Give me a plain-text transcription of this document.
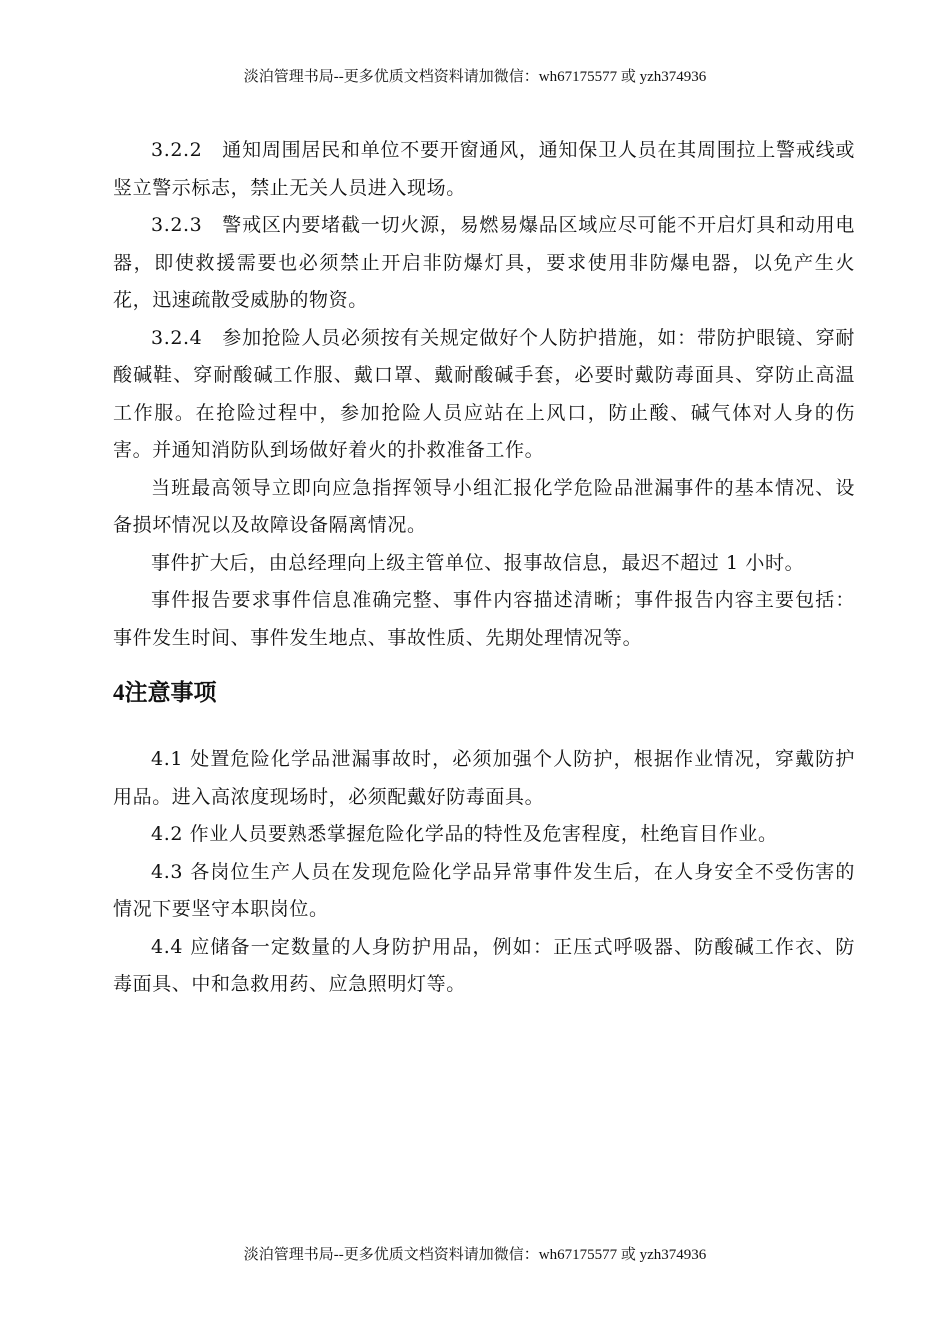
淡泊管理书局--更多优质文档资料请加微信：wh67175577 或 yzh374936

3.2.2　通知周围居民和单位不要开窗通风，通知保卫人员在其周围拉上警戒线或竖立警示标志，禁止无关人员进入现场。

3.2.3　警戒区内要堵截一切火源，易燃易爆品区域应尽可能不开启灯具和动用电器，即使救援需要也必须禁止开启非防爆灯具，要求使用非防爆电器，以免产生火花，迅速疏散受威胁的物资。

3.2.4　参加抢险人员必须按有关规定做好个人防护措施，如：带防护眼镜、穿耐酸碱鞋、穿耐酸碱工作服、戴口罩、戴耐酸碱手套，必要时戴防毒面具、穿防止高温工作服。在抢险过程中，参加抢险人员应站在上风口，防止酸、碱气体对人身的伤害。并通知消防队到场做好着火的扑救准备工作。

当班最高领导立即向应急指挥领导小组汇报化学危险品泄漏事件的基本情况、设备损坏情况以及故障设备隔离情况。

事件扩大后，由总经理向上级主管单位、报事故信息，最迟不超过 1 小时。

事件报告要求事件信息准确完整、事件内容描述清晰；事件报告内容主要包括：事件发生时间、事件发生地点、事故性质、先期处理情况等。

4注意事项

4.1 处置危险化学品泄漏事故时，必须加强个人防护，根据作业情况，穿戴防护用品。进入高浓度现场时，必须配戴好防毒面具。

4.2 作业人员要熟悉掌握危险化学品的特性及危害程度，杜绝盲目作业。

4.3 各岗位生产人员在发现危险化学品异常事件发生后，在人身安全不受伤害的情况下要坚守本职岗位。

4.4 应储备一定数量的人身防护用品，例如：正压式呼吸器、防酸碱工作衣、防毒面具、中和急救用药、应急照明灯等。

淡泊管理书局--更多优质文档资料请加微信：wh67175577 或 yzh374936
